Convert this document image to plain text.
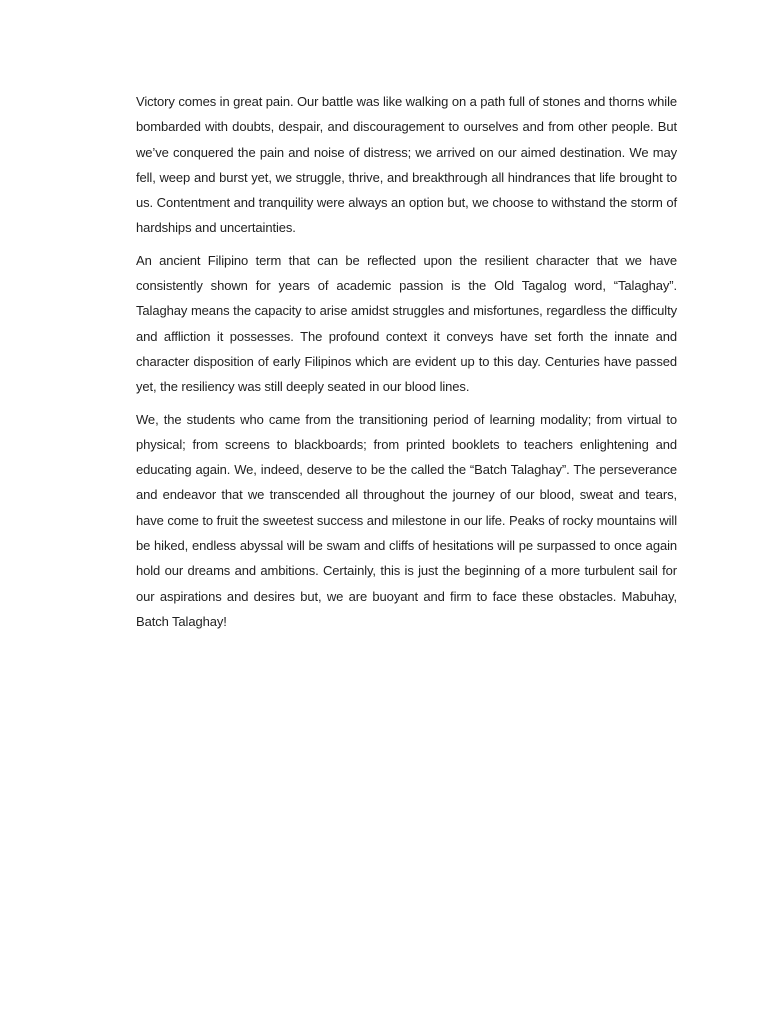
Victory comes in great pain. Our battle was like walking on a path full of stones and thorns while bombarded with doubts, despair, and discouragement to ourselves and from other people. But we’ve conquered the pain and noise of distress; we arrived on our aimed destination. We may fell, weep and burst yet, we struggle, thrive, and breakthrough all hindrances that life brought to us. Contentment and tranquility were always an option but, we choose to withstand the storm of hardships and uncertainties.

An ancient Filipino term that can be reflected upon the resilient character that we have consistently shown for years of academic passion is the Old Tagalog word, “Talaghay”. Talaghay means the capacity to arise amidst struggles and misfortunes, regardless the difficulty and affliction it possesses. The profound context it conveys have set forth the innate and character disposition of early Filipinos which are evident up to this day. Centuries have passed yet, the resiliency was still deeply seated in our blood lines.

We, the students who came from the transitioning period of learning modality; from virtual to physical; from screens to blackboards; from printed booklets to teachers enlightening and educating again. We, indeed, deserve to be the called the “Batch Talaghay”. The perseverance and endeavor that we transcended all throughout the journey of our blood, sweat and tears, have come to fruit the sweetest success and milestone in our life. Peaks of rocky mountains will be hiked, endless abyssal will be swam and cliffs of hesitations will pe surpassed to once again hold our dreams and ambitions. Certainly, this is just the beginning of a more turbulent sail for our aspirations and desires but, we are buoyant and firm to face these obstacles. Mabuhay, Batch Talaghay!
